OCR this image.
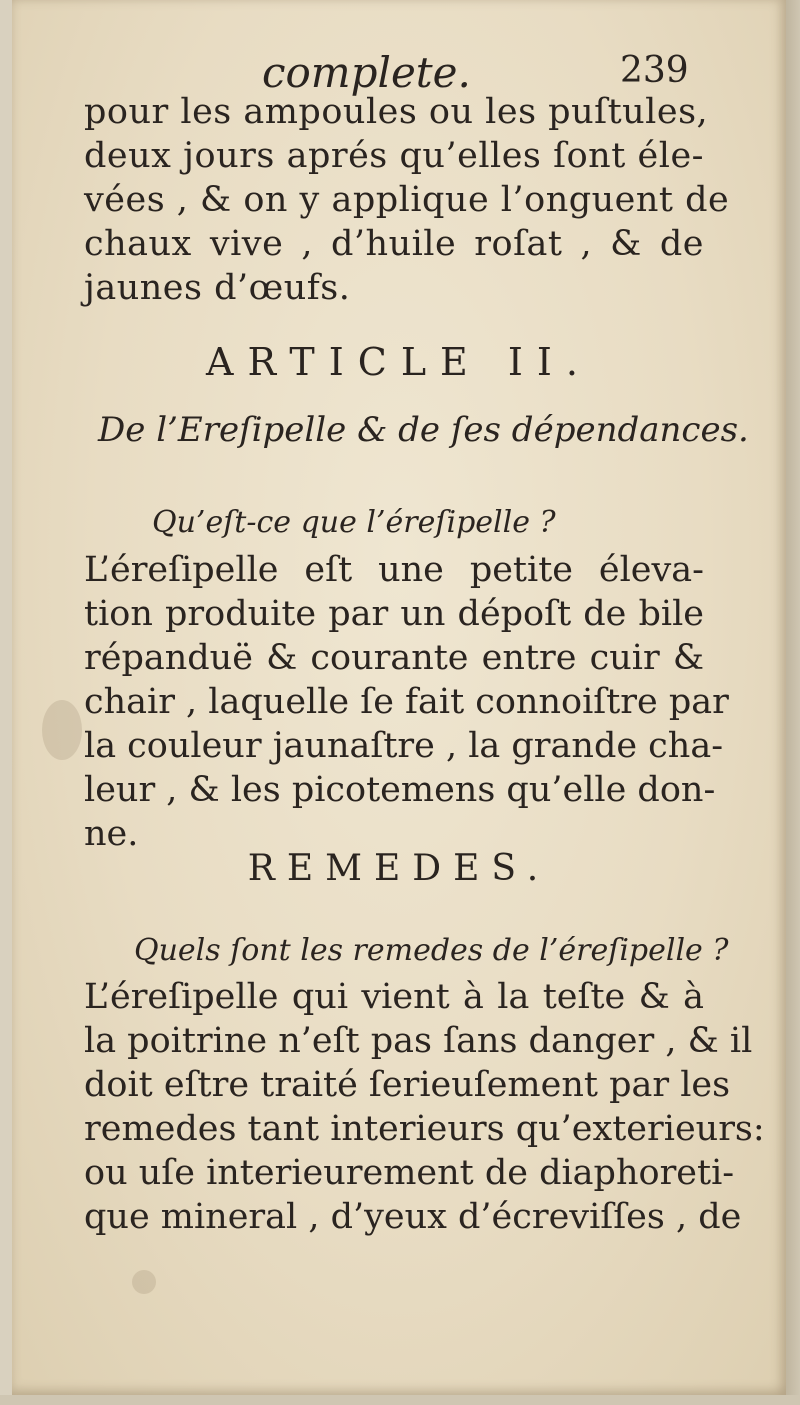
complete.	239
pour les ampoules ou les puſtules,
deux jours aprés qu’elles ſont éle-
vées , & on y applique l’onguent de
chaux vive , d’huile roſat , & de
jaunes d’œufs.
ARTICLE II.
De l’Ereſipelle & de ſes dépendances.
Qu’eſt-ce que l’éreſipelle ?
L’éreſipelle eſt une petite éleva-
tion produite par un dépoſt de bile
répanduë & courante entre cuir &
chair , laquelle ſe fait connoiſtre par
la couleur jaunaſtre , la grande cha-
leur , & les picotemens qu’elle don-
ne.
REMEDES.
Quels ſont les remedes de l’éreſipelle ?
L’éreſipelle qui vient à la teſte & à
la poitrine n’eſt pas ſans danger , & il
doit eſtre traité ſerieuſement par les
remedes tant interieurs qu’exterieurs:
ou uſe interieurement de diaphoreti-
que mineral , d’yeux d’écreviſſes , de
